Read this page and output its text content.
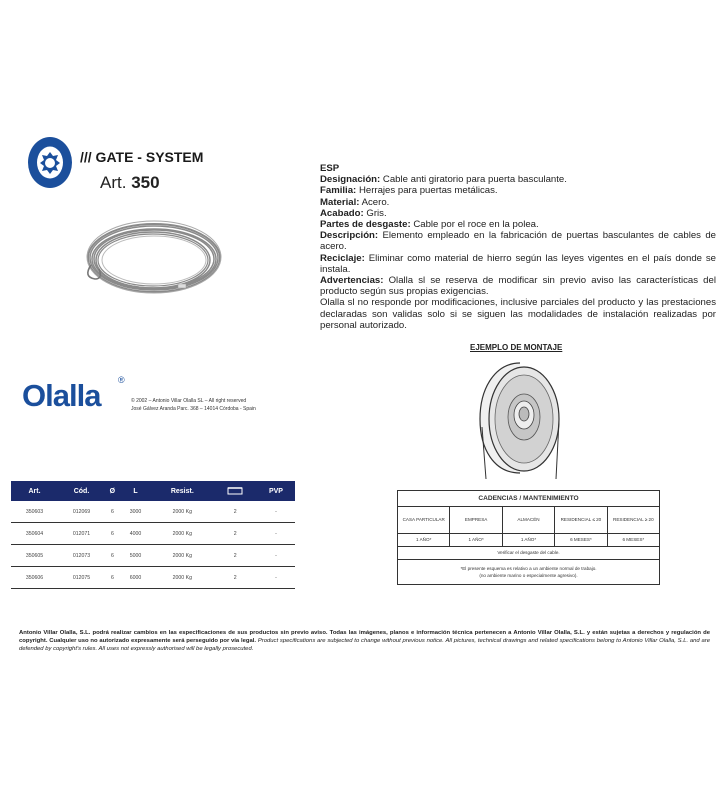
/// GATE - SYSTEM
Art. 350

ESP

Designación: Cable anti giratorio para puerta basculante.

Familia: Herrajes para puertas metálicas.

Material: Acero.

Acabado: Gris.

Partes de desgaste: Cable por el roce en la polea.

Descripción: Elemento empleado en la fabricación de puertas basculantes de cables de acero.

Reciclaje: Eliminar como material de hierro según las leyes vigentes en el país donde se instala.

Advertencias: Olalla sl se reserva de modificar sin previo aviso las características del producto según sus propias exigencias.

Olalla sl no responde por modificaciones, inclusive parciales del producto y las prestaciones declaradas son validas solo si se siguen las modalidades de instalación realizadas por personal autorizado.

EJEMPLO DE MONTAJE
Olalla ®
© 2002 – Antonio Villar Olalla SL – All right reserved
José Gálvez Aranda Parc. 368 – 14014 Córdoba - Spain
Art.	Cód.	Ø	L	Resist.		PVP
350603	012069	6	3000	2000 Kg	2	-
350604	012071	6	4000	2000 Kg	2	-
350605	012073	6	5000	2000 Kg	2	-
350606	012075	6	6000	2000 Kg	2	-
CADENCIAS / MANTENIMIENTO
CASA PARTICULAR	EMPRESA	ALMACÉN	RESIDENCIAL ≤ 20	RESIDENCIAL ≥ 20
1 AÑO*	1 AÑO*	1 AÑO*	6 MESES*	6 MESES*
Verificar el desgaste del cable.
*El presente esquema es relativo a un ambiente normal de trabajo.
(no ambiente marino o especialmente agresivo).
Antonio Villar Olalla, S.L. podrá realizar cambios en las especificaciones de sus productos sin previo aviso. Todas las imágenes, planos e información técnica pertenecen a Antonio Villar Olalla, S.L. y están sujetas a derechos y regulación de copyright. Cualquier uso no autorizado expresamente será perseguido por vía legal. Product specifications are subjected to change without previous notice. All pictures, technical drawings and related specifications belong to Antonio Villar Olalla, S.L. and are defended by copyright's rules. All uses not expressly authorised will be legally prosecuted.
